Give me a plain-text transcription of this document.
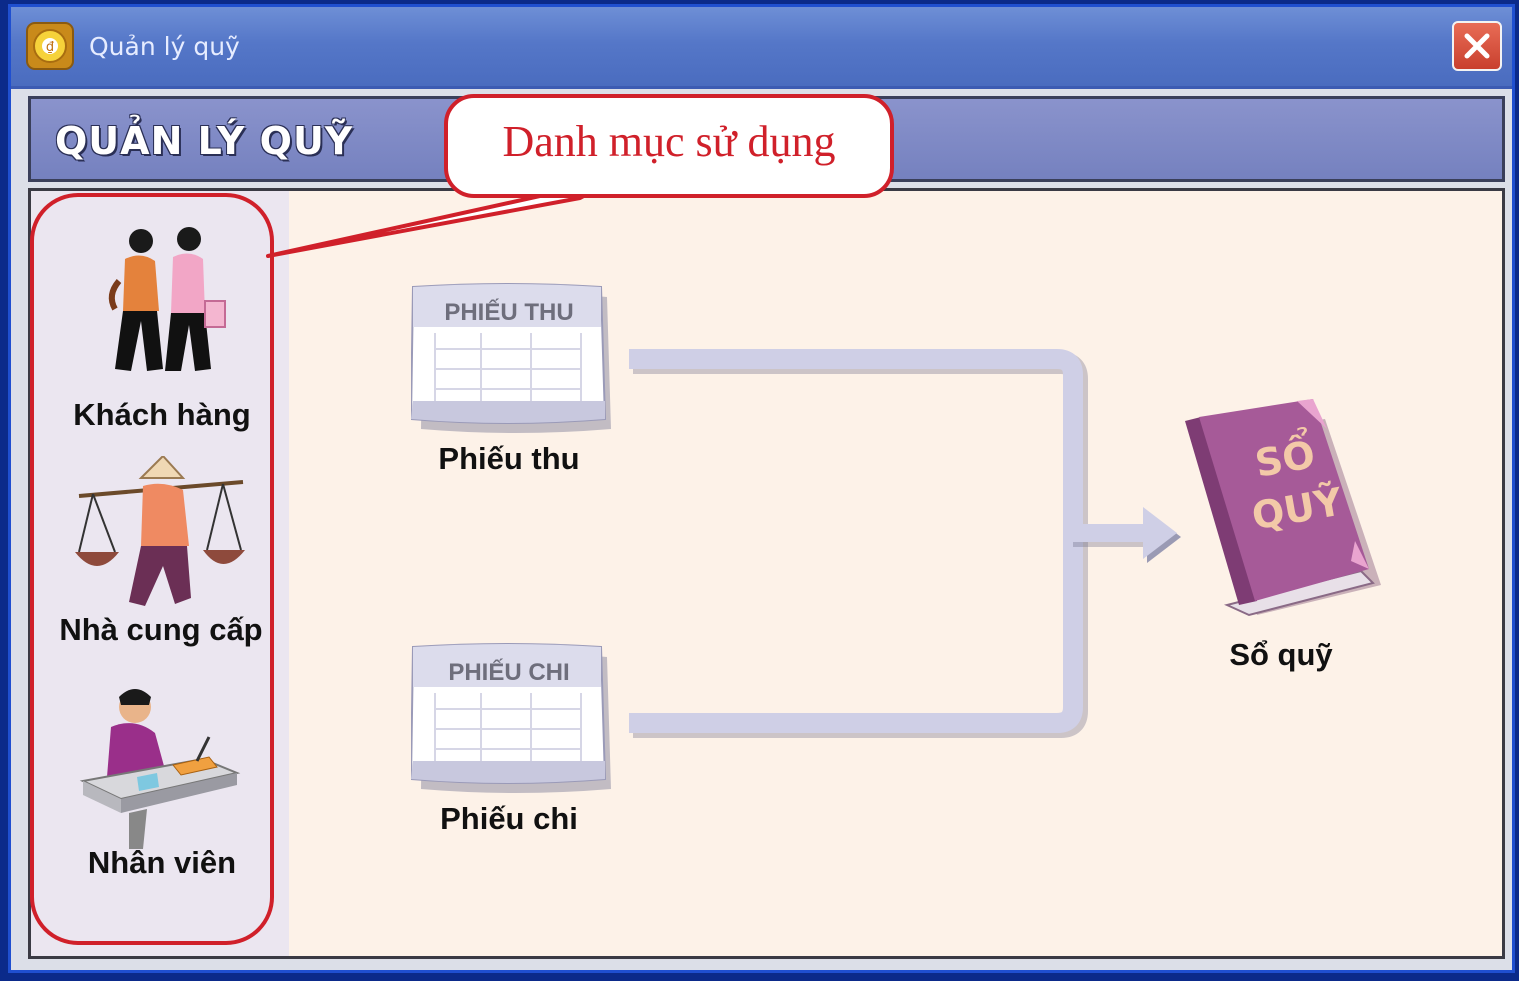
₫ Quản lý quỹ
QUẢN LÝ QUỸ
Khách hàng
Nhà cung cấp
Nhân viên
PHIẾU THU
Phiếu thu
PHIẾU CHI
Phiếu chi
SỔ
QUỸ
Sổ quỹ
Danh mục sử dụng
